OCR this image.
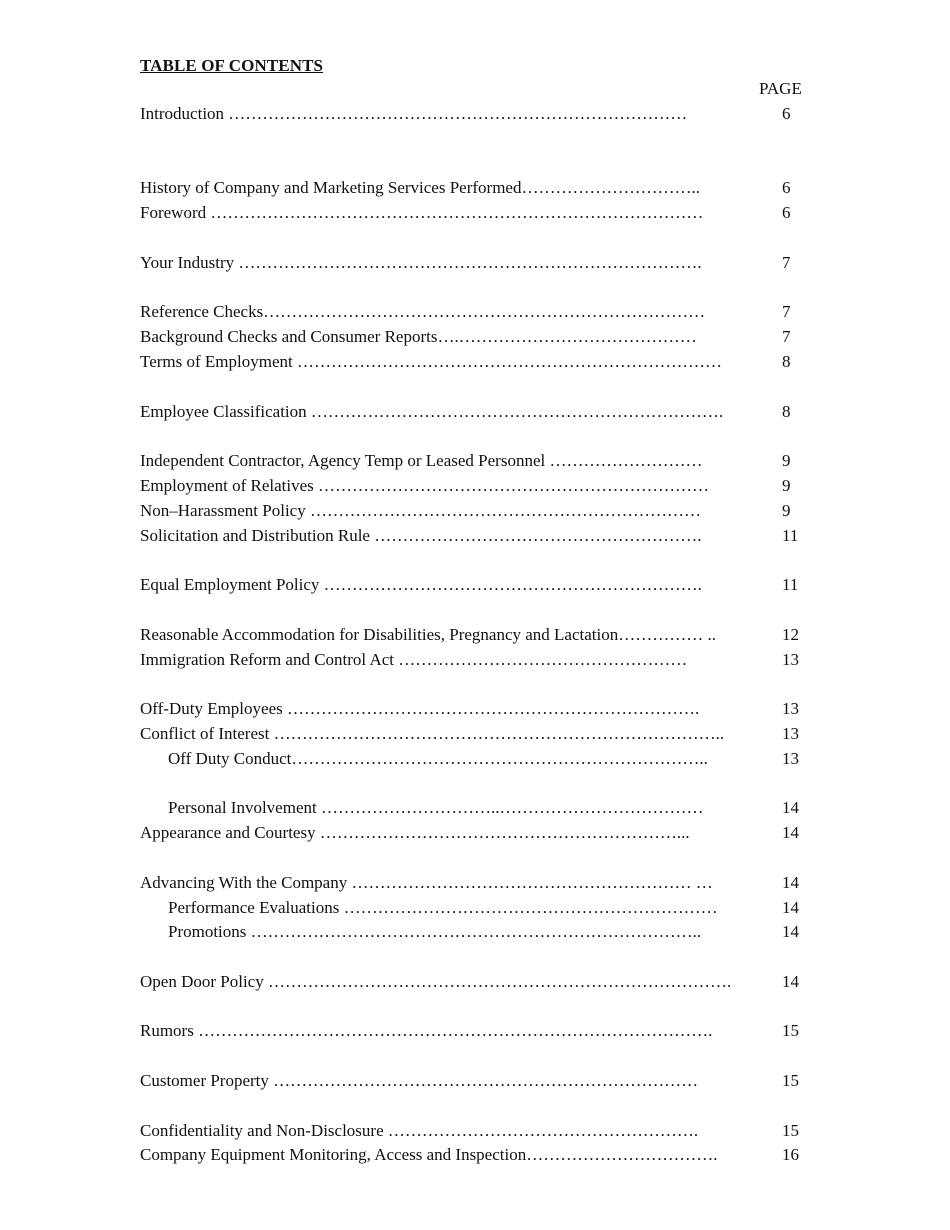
TABLE OF CONTENTS
PAGE
Introduction ………………………………………………………………………	6
History of Company and Marketing Services Performed…………………………..	6
Foreword ……………………………………………………………………………	6
Your Industry ……………………………………………………………………….	7
Reference Checks……………………………………………………………………	7
Background Checks and Consumer Reports….……………………………………	7
Terms of Employment …………………………………………………………………	8
Employee Classification ……………………………………………………………….	8
Independent Contractor, Agency Temp or Leased Personnel ………………………	9
Employment of Relatives ……………………………………………………………	9
Non–Harassment Policy ……………………………………………………………	9
Solicitation and Distribution Rule ………………………………………………….	11
Equal Employment Policy ………………………………………………………….	11
Reasonable Accommodation for Disabilities, Pregnancy and Lactation…………… ..	12
Immigration Reform and Control Act ……………………………………………	13
Off-Duty Employees ……………………………………………………………….	13
Conflict of Interest ……………………………………………………………………..	13
Off Duty Conduct………………………………………………………………..	13
Personal Involvement …………………………..………………………………	14
Appearance and Courtesy ………………………………………………………...	14
Advancing With the Company …………………………………………………… …	14
Performance Evaluations …………………………………………………………	14
Promotions ……………………………………………………………………..	14
Open Door Policy ……………………………………………………………………….	14
Rumors ……………………………………………………………………………….	15
Customer Property …………………………………………………………………	15
Confidentiality and Non-Disclosure ……………………………………………….	15
Company Equipment Monitoring, Access and Inspection…………………………….	16
